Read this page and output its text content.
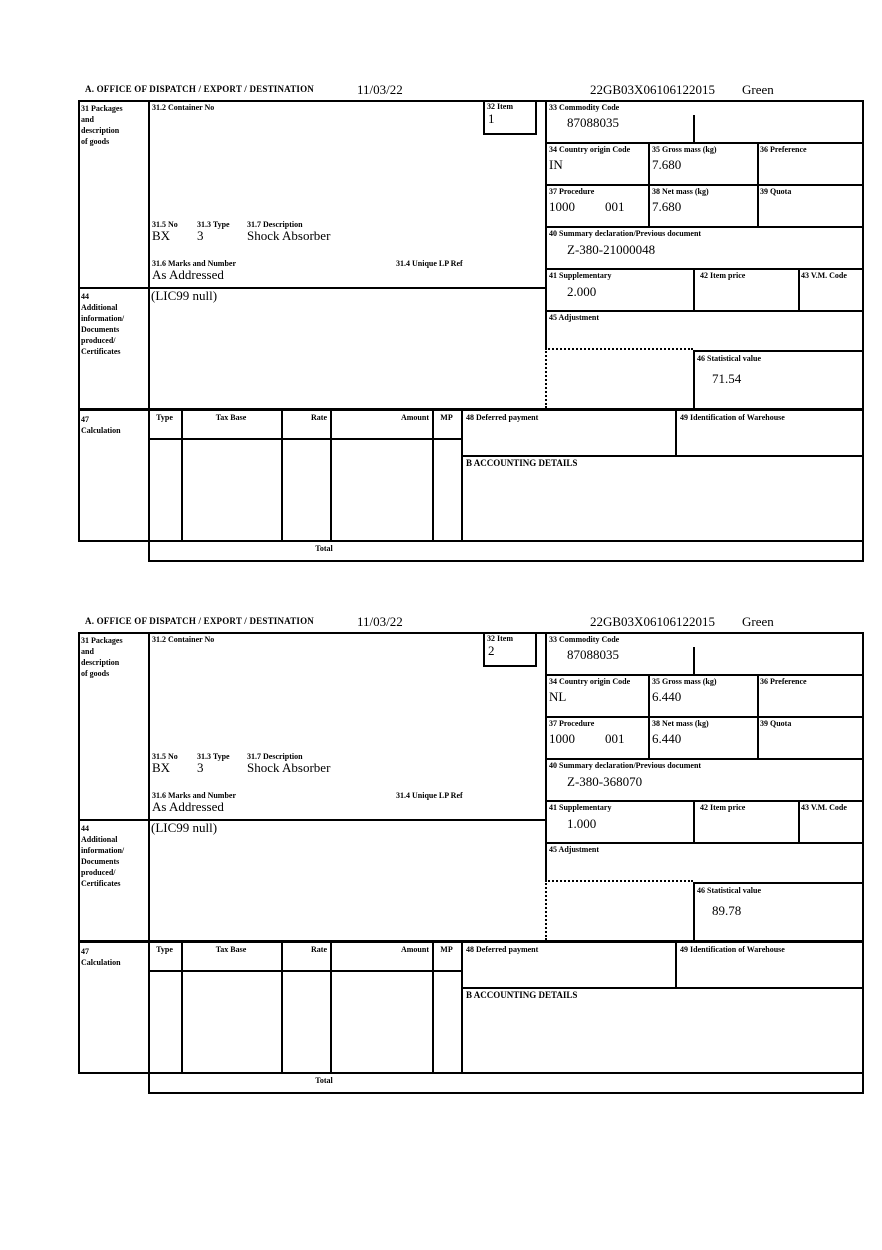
A. OFFICE OF DISPATCH / EXPORT / DESTINATION	11/03/22	22GB03X06106122015 Green
31 Packages
and
description
of goods
31.2 Container No	32 Item
1
33 Commodity Code
87088035
34 Country origin Code
IN
35 Gross mass (kg)
7.680
36 Preference
37 Procedure
1000 001
38 Net mass (kg)
7.680
39 Quota
31.5 No 31.3 Type 31.7 Description
BX 3	Shock Absorber
31.6 Marks and Number	31.4 Unique LP Ref
As Addressed
40 Summary declaration/Previous document
Z-380-21000048
41 Supplementary
2.000
42 Item price	43 V.M. Code
45 Adjustment
46 Statistical value
71.54
44
Additional
information/
Documents
produced/
Certificates
(LIC99 null)
47
Calculation
Type	Tax Base	Rate	Amount	MP	48 Deferred payment	49 Identification of Warehouse
B ACCOUNTING DETAILS
Total
A. OFFICE OF DISPATCH / EXPORT / DESTINATION	11/03/22	22GB03X06106122015 Green
31 Packages
and
description
of goods
31.2 Container No	32 Item
2
33 Commodity Code
87088035
34 Country origin Code
NL
35 Gross mass (kg)
6.440
36 Preference
37 Procedure
1000 001
38 Net mass (kg)
6.440
39 Quota
31.5 No 31.3 Type 31.7 Description
BX 3	Shock Absorber
31.6 Marks and Number	31.4 Unique LP Ref
As Addressed
40 Summary declaration/Previous document
Z-380-368070
41 Supplementary
1.000
42 Item price	43 V.M. Code
45 Adjustment
46 Statistical value
89.78
44
Additional
information/
Documents
produced/
Certificates
(LIC99 null)
47
Calculation
Type	Tax Base	Rate	Amount	MP	48 Deferred payment	49 Identification of Warehouse
B ACCOUNTING DETAILS
Total
